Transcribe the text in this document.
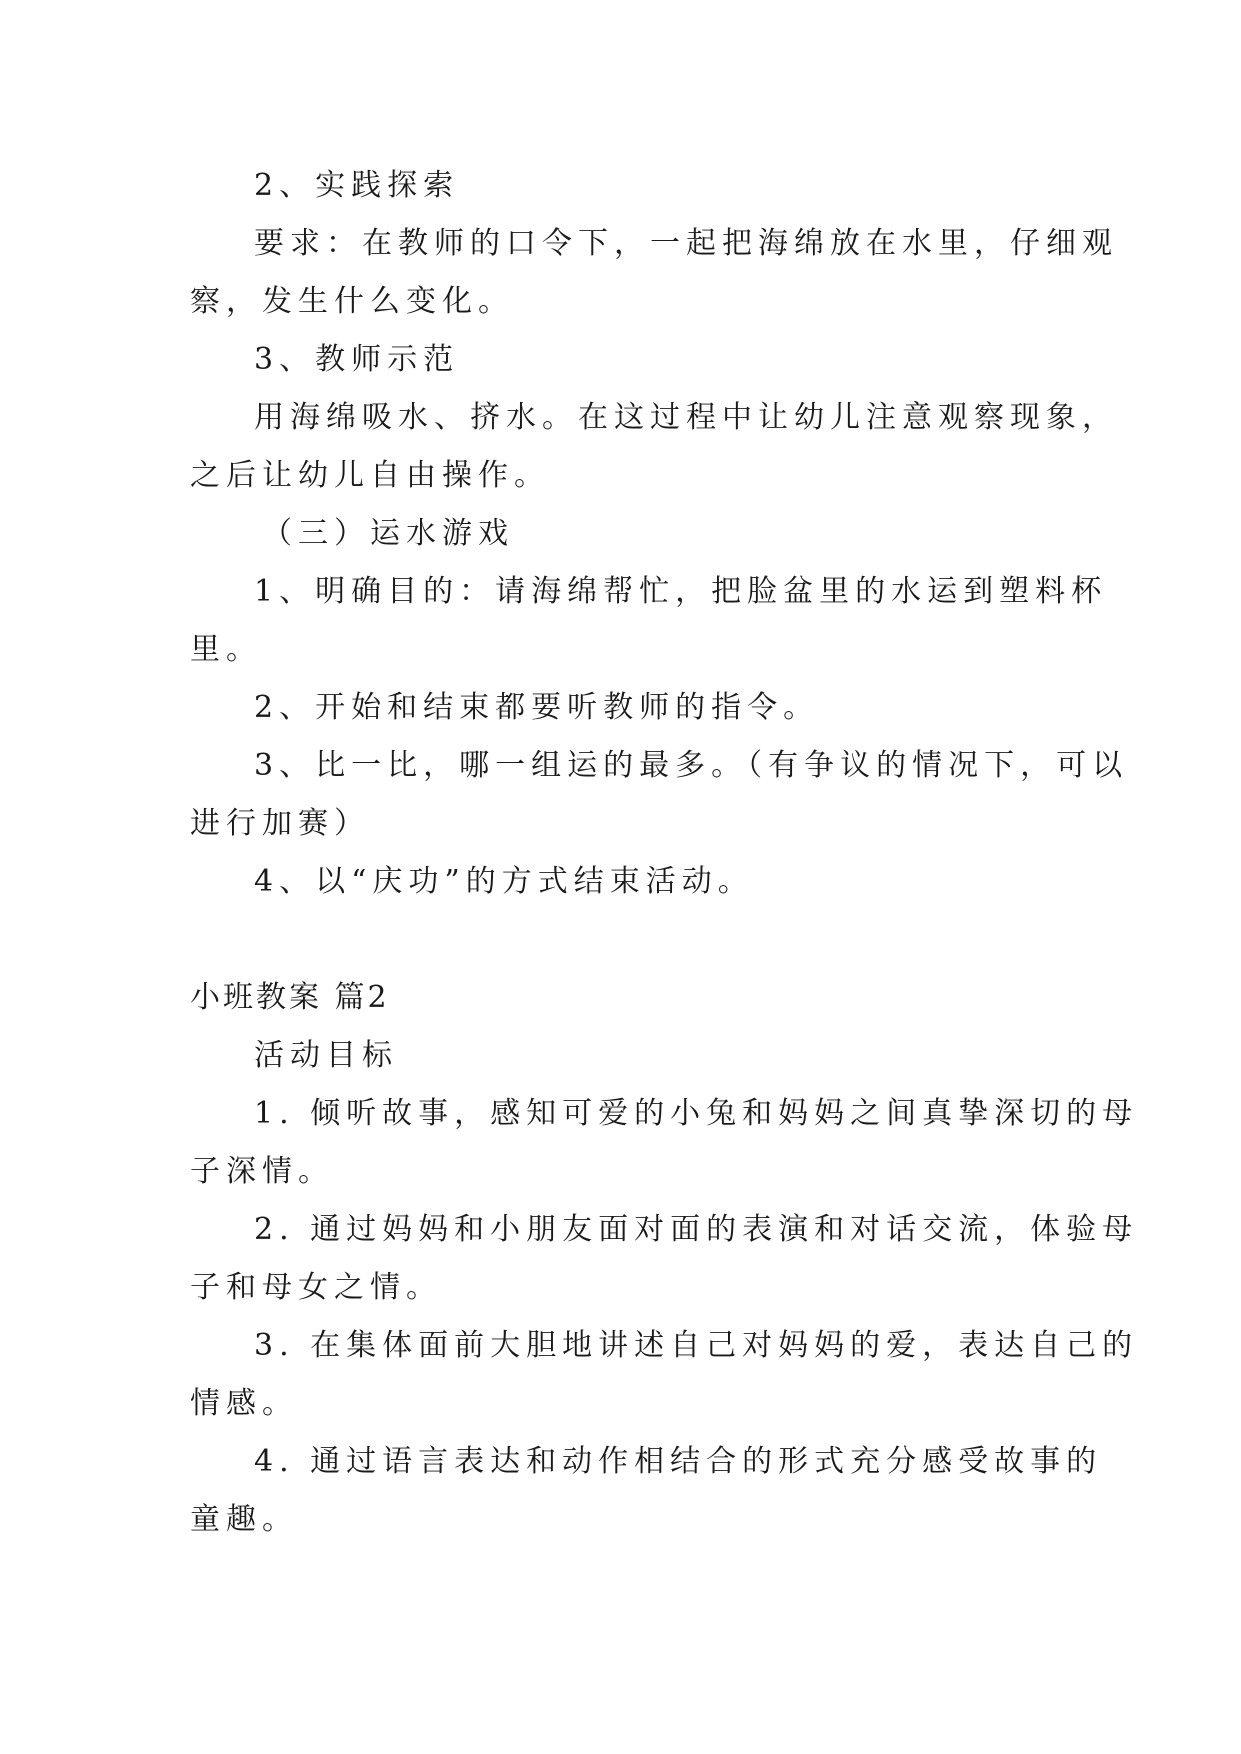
2、实践探索
要求：在教师的口令下，一起把海绵放在水里，仔细观
察，发生什么变化。
3、教师示范
用海绵吸水、挤水。在这过程中让幼儿注意观察现象，
之后让幼儿自由操作。
（三）运水游戏
1、明确目的：请海绵帮忙，把脸盆里的水运到塑料杯
里。
2、开始和结束都要听教师的指令。
3、比一比，哪一组运的最多。（有争议的情况下，可以
进行加赛）
4、以“庆功”的方式结束活动。
小班教案 篇2
活动目标
1. 倾听故事，感知可爱的小兔和妈妈之间真挚深切的母
子深情。
2. 通过妈妈和小朋友面对面的表演和对话交流，体验母
子和母女之情。
3. 在集体面前大胆地讲述自己对妈妈的爱，表达自己的
情感。
4. 通过语言表达和动作相结合的形式充分感受故事的
童趣。
